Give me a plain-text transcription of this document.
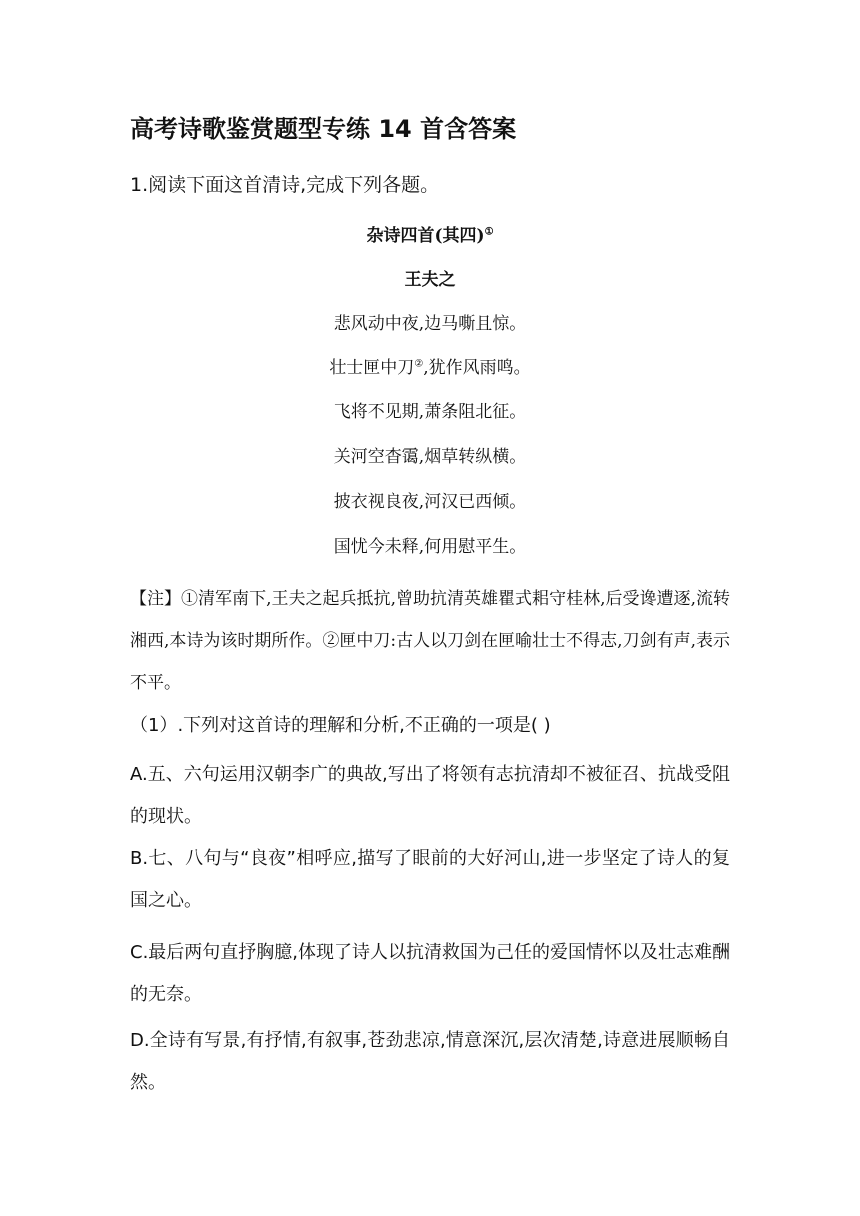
高考诗歌鉴赏题型专练 14 首含答案
1.阅读下面这首清诗,完成下列各题。
杂诗四首(其四)①
王夫之
悲风动中夜,边马嘶且惊。
壮士匣中刀②,犹作风雨鸣。
飞将不见期,萧条阻北征。
关河空杳霭,烟草转纵横。
披衣视良夜,河汉已西倾。
国忧今未释,何用慰平生。
【注】①清军南下,王夫之起兵抵抗,曾助抗清英雄瞿式耜守桂林,后受谗遭逐,流转湘西,本诗为该时期所作。②匣中刀:古人以刀剑在匣喻壮士不得志,刀剑有声,表示不平。
（1）.下列对这首诗的理解和分析,不正确的一项是( )
A.五、六句运用汉朝李广的典故,写出了将领有志抗清却不被征召、抗战受阻的现状。
B.七、八句与“良夜”相呼应,描写了眼前的大好河山,进一步坚定了诗人的复国之心。
C.最后两句直抒胸臆,体现了诗人以抗清救国为己任的爱国情怀以及壮志难酬的无奈。
D.全诗有写景,有抒情,有叙事,苍劲悲凉,情意深沉,层次清楚,诗意进展顺畅自然。
